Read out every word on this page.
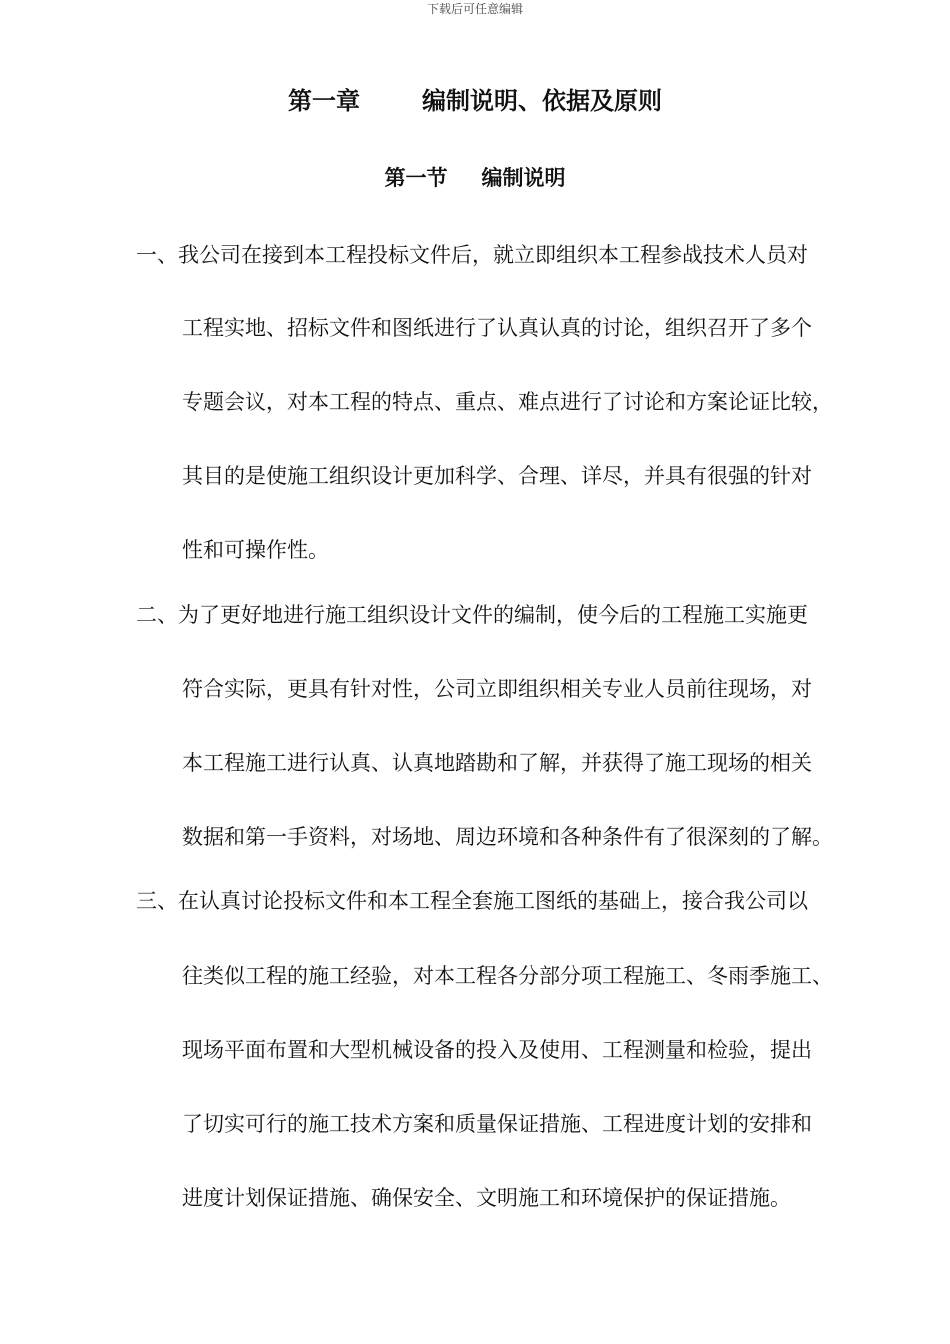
下载后可任意编辑
第一章	编制说明、依据及原则
第一节 编制说明
一、我公司在接到本工程投标文件后，就立即组织本工程参战技术人员对
工程实地、招标文件和图纸进行了认真认真的讨论，组织召开了多个
专题会议，对本工程的特点、重点、难点进行了讨论和方案论证比较，
其目的是使施工组织设计更加科学、合理、详尽，并具有很强的针对
性和可操作性。
二、为了更好地进行施工组织设计文件的编制，使今后的工程施工实施更
符合实际，更具有针对性，公司立即组织相关专业人员前往现场，对
本工程施工进行认真、认真地踏勘和了解，并获得了施工现场的相关
数据和第一手资料，对场地、周边环境和各种条件有了很深刻的了解。
三、在认真讨论投标文件和本工程全套施工图纸的基础上，接合我公司以
往类似工程的施工经验，对本工程各分部分项工程施工、冬雨季施工、
现场平面布置和大型机械设备的投入及使用、工程测量和检验，提出
了切实可行的施工技术方案和质量保证措施、工程进度计划的安排和
进度计划保证措施、确保安全、文明施工和环境保护的保证措施。
